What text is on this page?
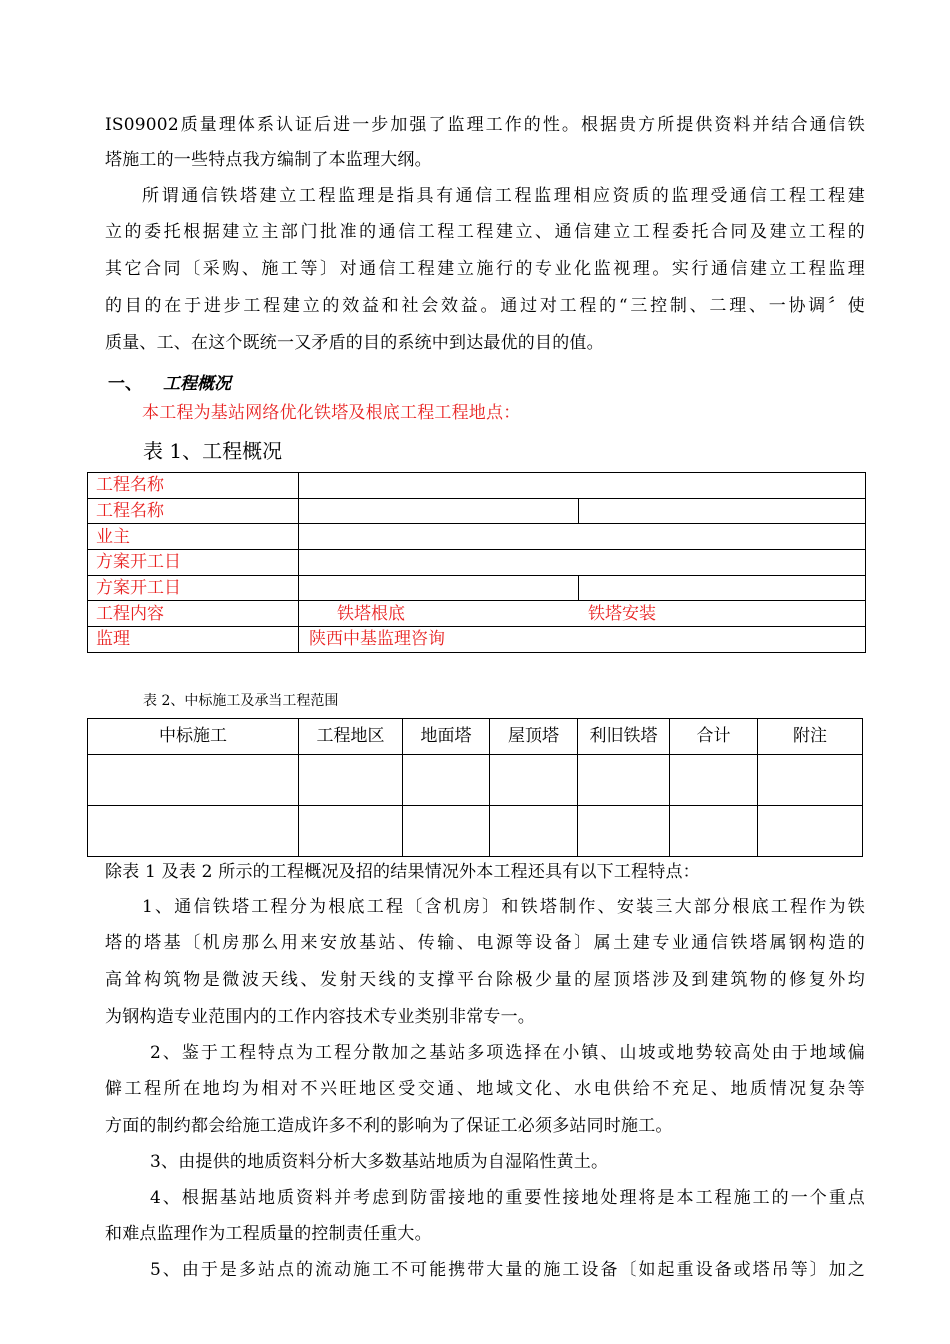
IS09002质量理体系认证后进一步加强了监理工作的性。根据贵方所提供资料并结合通信铁
塔施工的一些特点我方编制了本监理大纲。
所谓通信铁塔建立工程监理是指具有通信工程监理相应资质的监理受通信工程工程建
立的委托根据建立主部门批准的通信工程工程建立、通信建立工程委托合同及建立工程的
其它合同〔采购、施工等〕对通信工程建立施行的专业化监视理。实行通信建立工程监理
的目的在于进步工程建立的效益和社会效益。通过对工程的“三控制、二理、一协调〞使
质量、工、在这个既统一又矛盾的目的系统中到达最优的目的值。
一、 工程概况
本工程为基站网络优化铁塔及根底工程工程地点：
表 1、工程概况
工程名称		
工程名称		
业主		
方案开工日		
方案开工日		
工程内容	铁塔根底 铁塔安装	
监理	陕西中基监理咨询	
表 2、中标施工及承当工程范围
中标施工	工程地区	地面塔	屋顶塔	利旧铁塔	合计	附注

除表 1 及表 2 所示的工程概况及招的结果情况外本工程还具有以下工程特点：
1、通信铁塔工程分为根底工程〔含机房〕和铁塔制作、安装三大部分根底工程作为铁
塔的塔基〔机房那么用来安放基站、传输、电源等设备〕属土建专业通信铁塔属钢构造的
高耸构筑物是微波天线、发射天线的支撑平台除极少量的屋顶塔涉及到建筑物的修复外均
为钢构造专业范围内的工作内容技术专业类别非常专一。
2、鉴于工程特点为工程分散加之基站多项选择在小镇、山坡或地势较高处由于地域偏
僻工程所在地均为相对不兴旺地区受交通、地域文化、水电供给不充足、地质情况复杂等
方面的制约都会给施工造成许多不利的影响为了保证工必须多站同时施工。
3、由提供的地质资料分析大多数基站地质为自湿陷性黄土。
4、根据基站地质资料并考虑到防雷接地的重要性接地处理将是本工程施工的一个重点
和难点监理作为工程质量的控制责任重大。
5、由于是多站点的流动施工不可能携带大量的施工设备〔如起重设备或塔吊等〕加之
